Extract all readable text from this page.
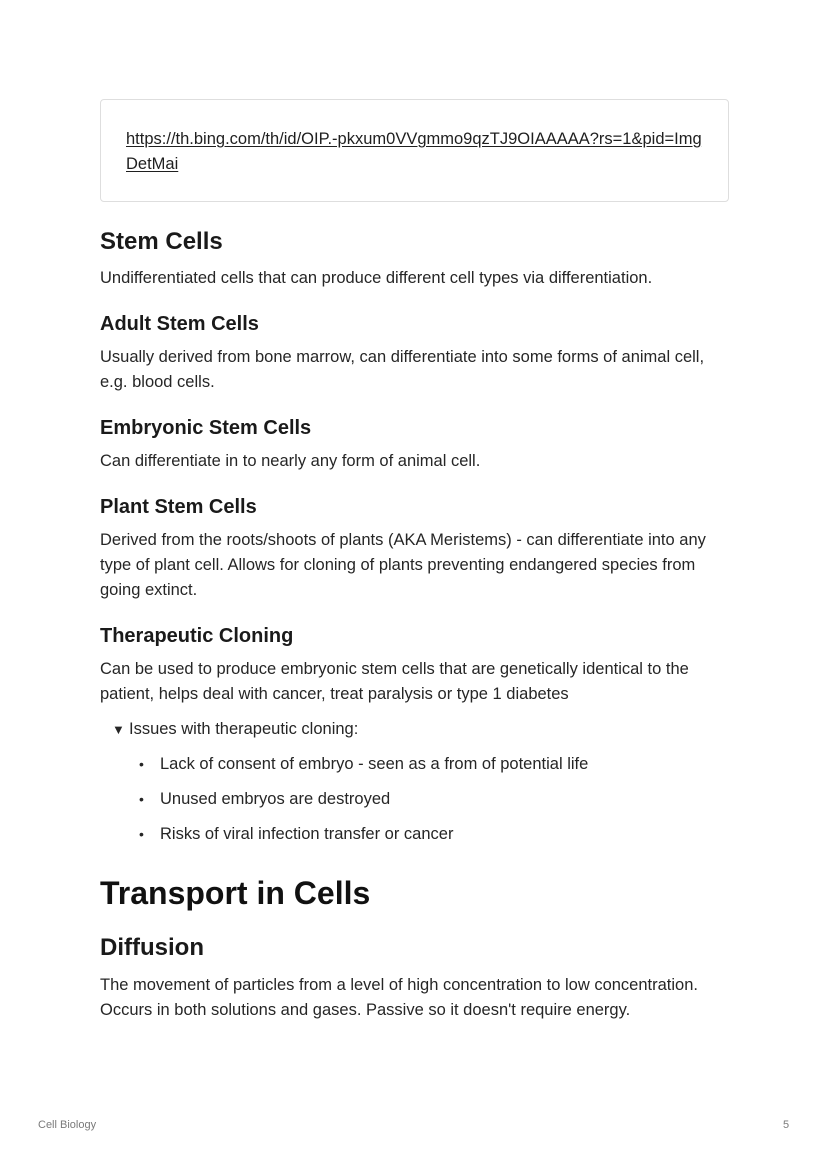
https://th.bing.com/th/id/OIP.-pkxum0VVgmmo9qzTJ9OIAAAAA?rs=1&pid=ImgDetMai
Stem Cells

Undifferentiated cells that can produce different cell types via differentiation.

Adult Stem Cells

Usually derived from bone marrow, can differentiate into some forms of animal cell, e.g. blood cells.

Embryonic Stem Cells

Can differentiate in to nearly any form of animal cell.

Plant Stem Cells

Derived from the roots/shoots of plants (AKA Meristems) - can differentiate into any type of plant cell. Allows for cloning of plants preventing endangered species from going extinct.

Therapeutic Cloning

Can be used to produce embryonic stem cells that are genetically identical to the patient, helps deal with cancer, treat paralysis or type 1 diabetes

▼ Issues with therapeutic cloning:
• Lack of consent of embryo - seen as a from of potential life
• Unused embryos are destroyed
• Risks of viral infection transfer or cancer
Transport in Cells
Diffusion

The movement of particles from a level of high concentration to low concentration. Occurs in both solutions and gases. Passive so it doesn't require energy.

Cell Biology	5
